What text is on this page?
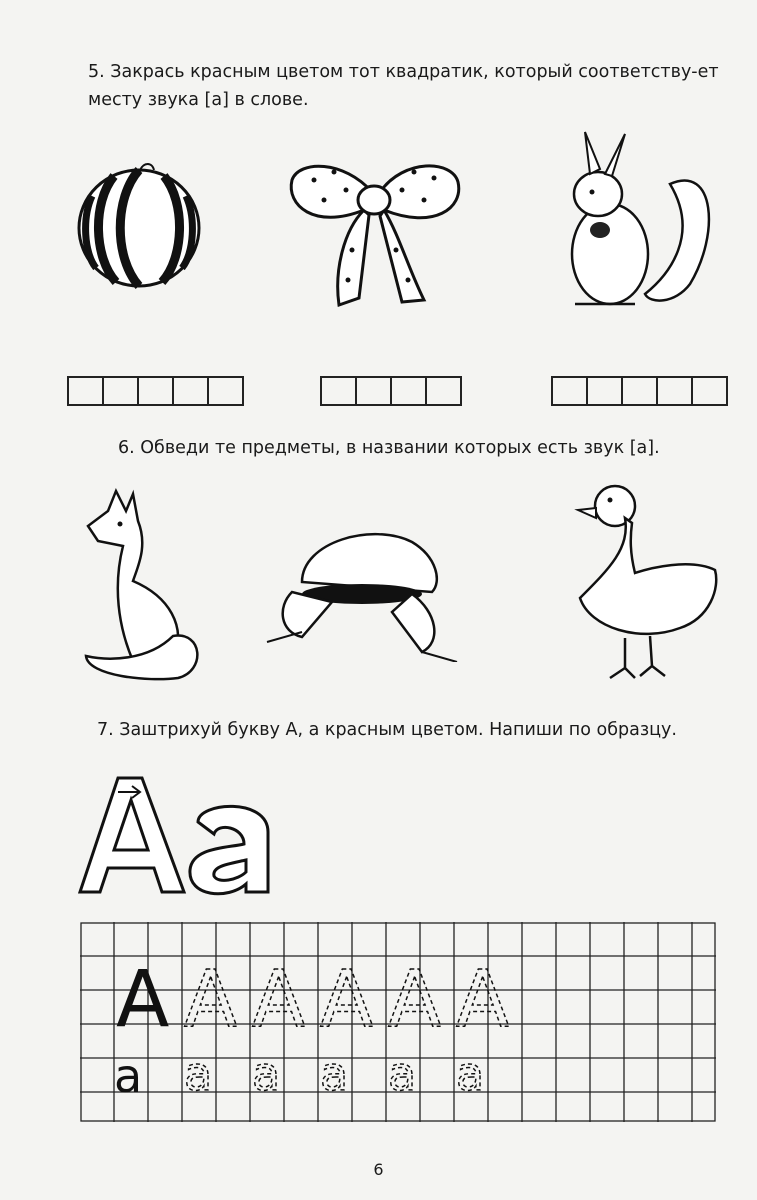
5. Закрась красным цветом тот квадратик, который соответству-ет месту звука [а] в слове.
6. Обведи те предметы, в названии которых есть звук [а].
7. Заштрихуй букву А, а красным цветом. Напиши по образцу.
Aa
A
a
A A A A A
a a a a a
6
